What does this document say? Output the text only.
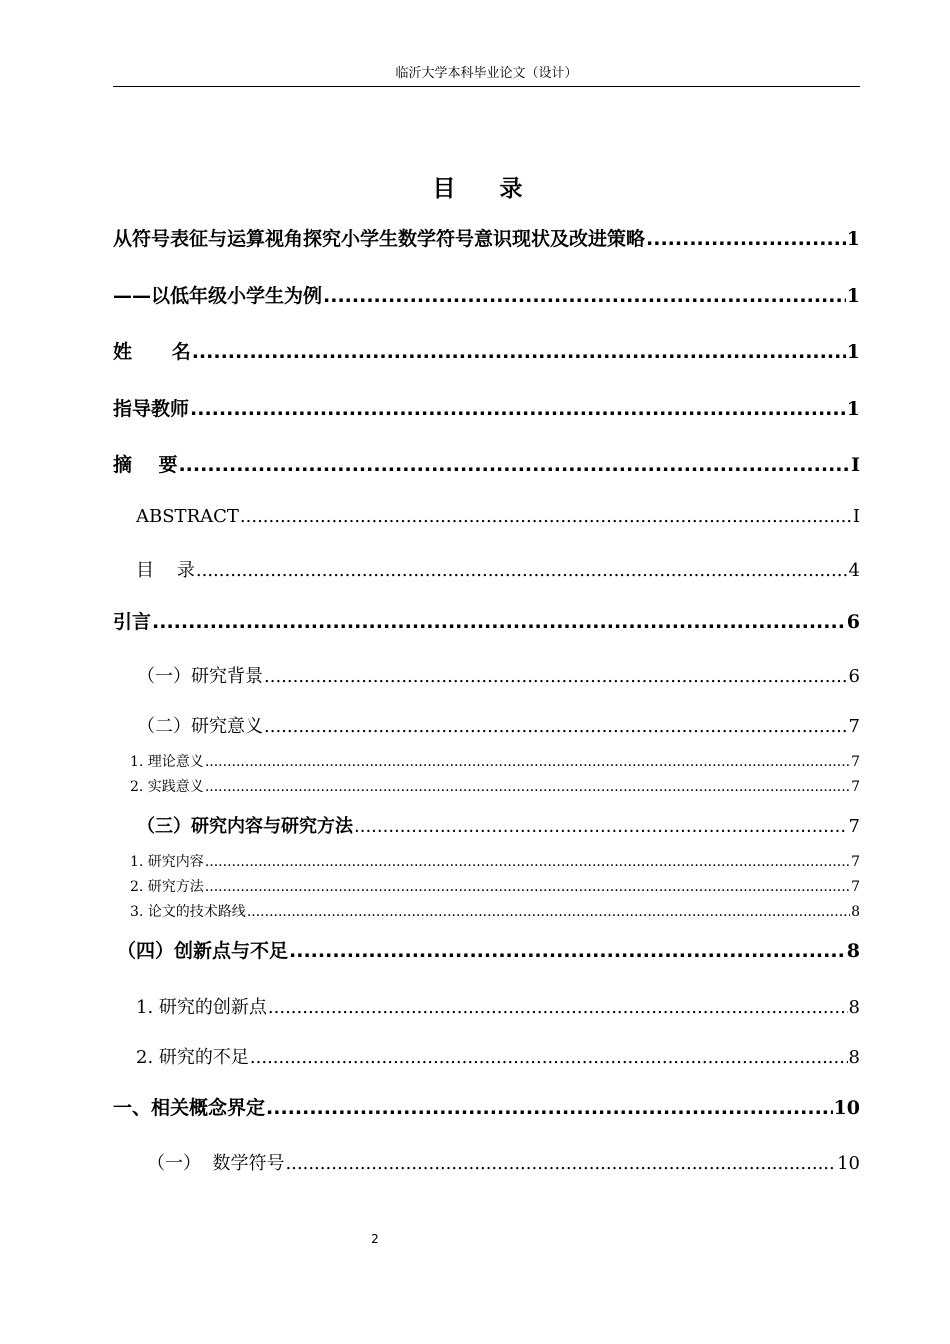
临沂大学本科毕业论文（设计）
目 录
从符号表征与运算视角探究小学生数学符号意识现状及改进策略 .....	1
——以低年级小学生为例 .....	1
姓      名 .....	1
指导教师 .....	1
摘    要 .....	I
ABSTRACT .....	I
目    录 .....	4
引言 .....	6
（一）研究背景 .....	6
（二）研究意义 .....	7
1. 理论意义 .....	7
2. 实践意义 .....	7
（三）研究内容与研究方法 .....	7
1. 研究内容 .....	7
2. 研究方法 .....	7
3. 论文的技术路线 .....	8
（四）创新点与不足 .....	8
1. 研究的创新点 .....	8
2. 研究的不足 .....	8
一、相关概念界定 .....	10
（一）  数学符号 .....	10
2
